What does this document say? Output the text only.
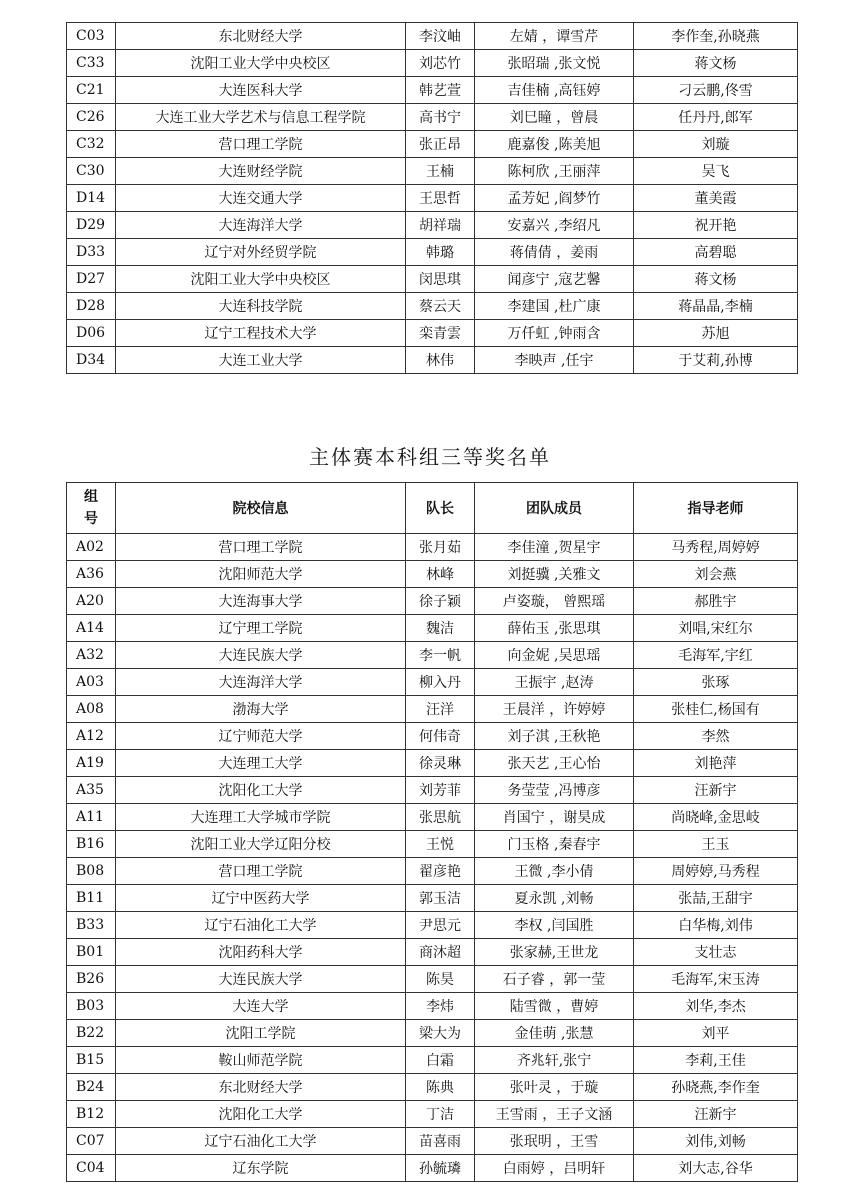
C03	东北财经大学	李汶岫	左婧 ，谭雪芹	李作奎,孙晓燕
C33	沈阳工业大学中央校区	刘芯竹	张昭瑞 ,张文悦	蒋文杨
C21	大连医科大学	韩艺萱	吉佳楠 ,高钰婷	刁云鹏,佟雪
C26	大连工业大学艺术与信息工程学院	高书宁	刘巳瞳 ，曾晨	任丹丹,郎军
C32	营口理工学院	张正昂	鹿嘉俊 ,陈美旭	刘璇
C30	大连财经学院	王楠	陈柯欣 ,王丽萍	吴飞
D14	大连交通大学	王思哲	孟芳妃 ,阎梦竹	董美霞
D29	大连海洋大学	胡祥瑞	安嘉兴 ,李绍凡	祝开艳
D33	辽宁对外经贸学院	韩璐	蒋倩倩 ，姜雨	高碧聪
D27	沈阳工业大学中央校区	闵思琪	闻彦宁 ,寇艺馨	蒋文杨
D28	大连科技学院	蔡云天	李建国 ,杜广康	蒋晶晶,李楠
D06	辽宁工程技术大学	栾青雲	万仟虹 ,钟雨含	苏旭
D34	大连工业大学	林伟	李映声 ,任宇	于艾莉,孙博
主体赛本科组三等奖名单
组
号	院校信息	队长	团队成员	指导老师
A02	营口理工学院	张月茹	李佳潼 ,贺星宇	马秀程,周婷婷
A36	沈阳师范大学	林峰	刘挺骥 ,关雅文	刘会燕
A20	大连海事大学	徐子颖	卢姿璇， 曾熙瑶	郝胜宇
A14	辽宁理工学院	魏洁	薛佑玉 ,张思琪	刘唱,宋红尔
A32	大连民族大学	李一帆	向金妮 ,吴思瑶	毛海军,宇红
A03	大连海洋大学	柳入丹	王振宇 ,赵涛	张琢
A08	渤海大学	汪洋	王晨洋 ，许婷婷	张桂仁,杨国有
A12	辽宁师范大学	何伟奇	刘子淇 ,王秋艳	李然
A19	大连理工大学	徐灵琳	张天艺 ,王心怡	刘艳萍
A35	沈阳化工大学	刘芳菲	务莹莹 ,冯博彦	汪新宇
A11	大连理工大学城市学院	张思航	肖国宁 ，谢昊成	尚晓峰,金思岐
B16	沈阳工业大学辽阳分校	王悦	门玉格 ,秦春宇	王玉
B08	营口理工学院	翟彦艳	王微 ,李小倩	周婷婷,马秀程
B11	辽宁中医药大学	郭玉洁	夏永凯 ,刘畅	张喆,王甜宇
B33	辽宁石油化工大学	尹思元	李权 ,闫国胜	白华梅,刘伟
B01	沈阳药科大学	商沐超	张家赫,王世龙	支壮志
B26	大连民族大学	陈昊	石子睿 ，郭一莹	毛海军,宋玉涛
B03	大连大学	李炜	陆雪微 ，曹婷	刘华,李杰
B22	沈阳工学院	梁大为	金佳萌 ,张慧	刘平
B15	鞍山师范学院	白霜	齐兆轩,张宁	李莉,王佳
B24	东北财经大学	陈典	张叶灵 ，于璇	孙晓燕,李作奎
B12	沈阳化工大学	丁洁	王雪雨 ，王子文涵	汪新宇
C07	辽宁石油化工大学	苗喜雨	张珉明 ，王雪	刘伟,刘畅
C04	辽东学院	孙毓璘	白雨婷 ，吕明轩	刘大志,谷华
